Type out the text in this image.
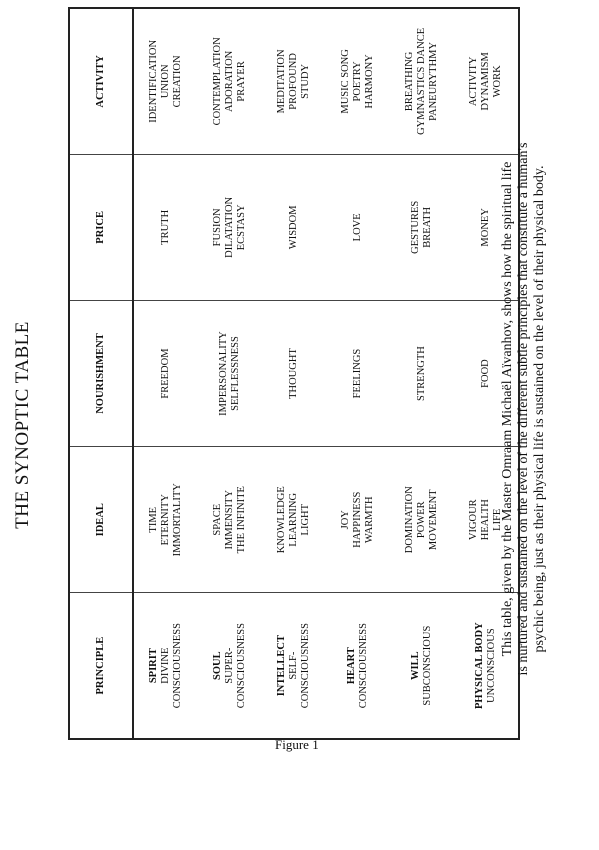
THE SYNOPTIC TABLE
PRINCIPLE	IDEAL	NOURISHMENT	PRICE	ACTIVITY

SPIRIT DIVINE CONSCIOUSNESS	TIME ETERNITY IMMORTALITY	FREEDOM	TRUTH	IDENTIFICATION UNION CREATION

SOUL SUPER- CONSCIOUSNESS	SPACE IMMENSITY THE INFINITE	IMPERSONALITY SELFLESSNESS	FUSION DILATATION ECSTASY	CONTEMPLATION ADORATION PRAYER

INTELLECT SELF- CONSCIOUSNESS	KNOWLEDGE LEARNING LIGHT	THOUGHT	WISDOM	MEDITATION PROFOUND STUDY

HEART CONSCIOUSNESS	JOY HAPPINESS WARMTH	FEELINGS	LOVE	MUSIC SONG POETRY HARMONY

WILL SUBCONSCIOUS	DOMINATION POWER MOVEMENT	STRENGTH	GESTURES BREATH	BREATHING GYMNASTICS DANCE PANEURYTHMY

PHYSICAL BODY UNCONSCIOUS	VIGOUR HEALTH LIFE	FOOD	MONEY	ACTIVITY DYNAMISM WORK
This table, given by the Master Omraam Michaël Aïvanhov, shows how the spiritual life is nurtured and sustained on the level of the different subtle principles that constitute a human's psychic being, just as their physical life is sustained on the level of their physical body.
Figure 1
